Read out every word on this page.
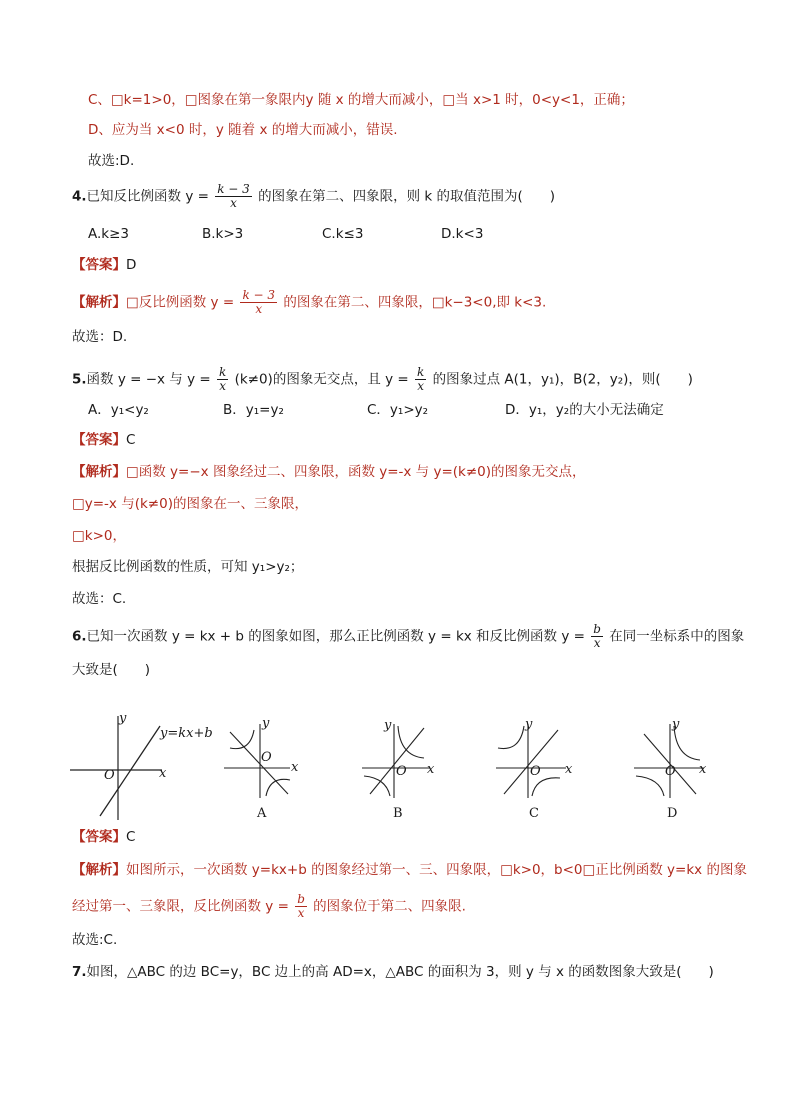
C、□k=1>0，□图象在第一象限内y 随 x 的增大而减小，□当 x>1 时，0<y<1，正确；
D、应为当 x<0 时，y 随着 x 的增大而减小，错误.
故选:D.
4.已知反比例函数 $y = \frac{k - 3}{x}$ 的图象在第二、四象限，则 k 的取值范围为(　　)
A.k≥3	B.k>3	C.k≤3	D.k<3
【答案】D
【解析】□反比例函数 $y = \frac{k - 3}{x}$ 的图象在第二、四象限，□k−3<0,即 k<3.
故选：D.
5.函数 y = −x 与 $y = \frac{k}{x} (k\ne 0)$的图象无交点，且 $y = \frac{k}{x}$ 的图象过点 A(1，y₁)，B(2，y₂)，则(　　)
A．y₁<y₂	B．y₁=y₂	C．y₁>y₂	D．y₁，y₂的大小无法确定
【答案】C
【解析】□函数 y=−x 图象经过二、四象限，函数 y=-x 与 y=(k≠0)的图象无交点，
□y=-x 与(k≠0)的图象在一、三象限，
□k>0，
根据反比例函数的性质，可知 y₁>y₂；
故选：C.
6.已知一次函数 y = kx + b 的图象如图，那么正比例函数 y = kx 和反比例函数 $y = \frac{b}{x}$ 在同一坐标系中的图象
大致是(　　)
y
y=kx+b
O	x
y
O
x
A
y
O x
B
y
O x
C
y
O x
D
【答案】C
【解析】如图所示，一次函数 y=kx+b 的图象经过第一、三、四象限，□k>0，b<0□正比例函数 y=kx 的图象
经过第一、三象限，反比例函数 $y = \frac{b}{x}$ 的图象位于第二、四象限.
故选:C.
7.如图，△ABC 的边 BC=y，BC 边上的高 AD=x，△ABC 的面积为 3，则 y 与 x 的函数图象大致是(　　)
